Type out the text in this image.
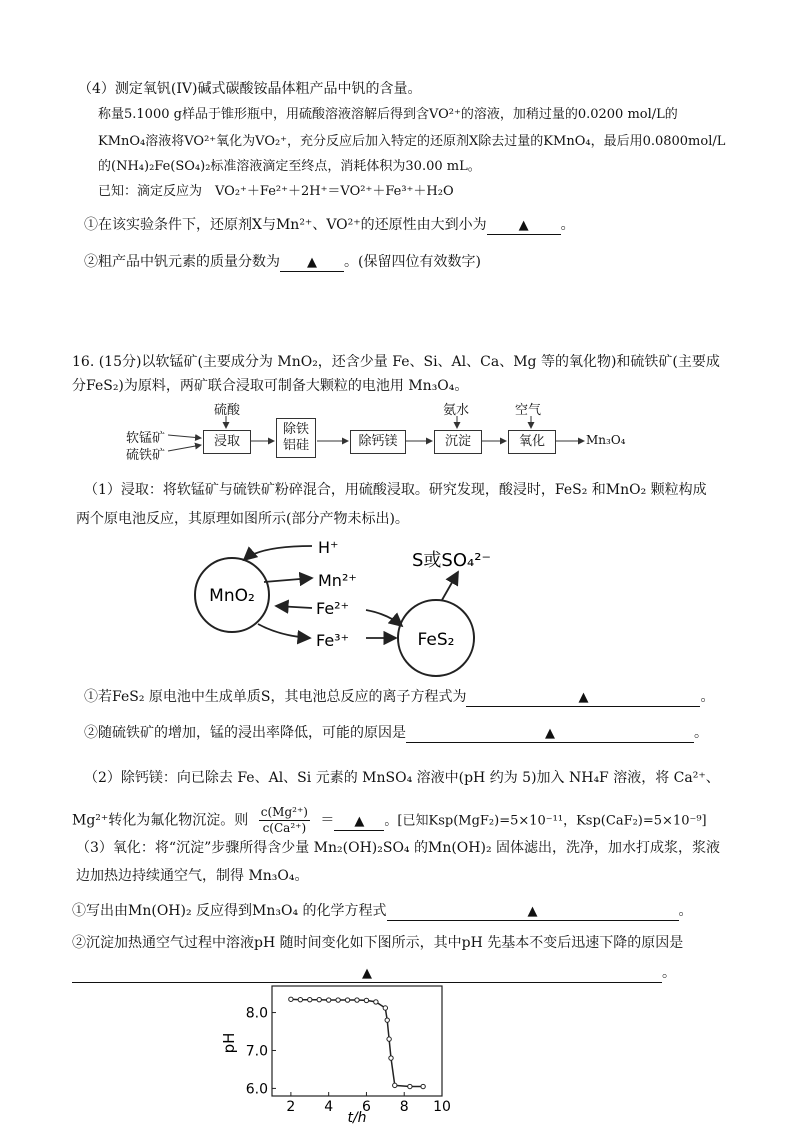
（4）测定氧钒(IV)碱式碳酸铵晶体粗产品中钒的含量。
称量5.1000 g样品于锥形瓶中，用硫酸溶液溶解后得到含VO²⁺的溶液，加稍过量的0.0200 mol/L的
KMnO₄溶液将VO²⁺氧化为VO₂⁺，充分反应后加入特定的还原剂X除去过量的KMnO₄，最后用0.0800mol/L
的(NH₄)₂Fe(SO₄)₂标准溶液滴定至终点，消耗体积为30.00 mL。
已知：滴定反应为　VO₂⁺＋Fe²⁺＋2H⁺＝VO²⁺＋Fe³⁺＋H₂O
①在该实验条件下，还原剂X与Mn²⁺、VO²⁺的还原性由大到小为 ▲ 。
②粗产品中钒元素的质量分数为 ▲ 。(保留四位有效数字)
16. (15分)以软锰矿(主要成分为 MnO₂，还含少量 Fe、Si、Al、Ca、Mg 等的氧化物)和硫铁矿(主要成
分FeS₂)为原料，两矿联合浸取可制备大颗粒的电池用 Mn₃O₄。
软锰矿
硫铁矿
硫酸
浸取
除铁铝硅	除钙镁
氨水
沉淀
空气
氧化	Mn₃O₄
（1）浸取：将软锰矿与硫铁矿粉碎混合，用硫酸浸取。研究发现，酸浸时，FeS₂ 和MnO₂ 颗粒构成
两个原电池反应，其原理如图所示(部分产物未标出)。
MnO₂
FeS₂
H⁺
Mn²⁺
Fe²⁺
Fe³⁺
S或SO₄²⁻
①若FeS₂ 原电池中生成单质S，其电池总反应的离子方程式为	▲	。
②随硫铁矿的增加，锰的浸出率降低，可能的原因是	▲	。
（2）除钙镁：向已除去 Fe、Al、Si 元素的 MnSO₄ 溶液中(pH 约为 5)加入 NH₄F 溶液，将 Ca²⁺、
Mg²⁺转化为氟化物沉淀。则 $\frac{\text{c(Mg²⁺)}}{\text{c(Ca²⁺)}}$ ＝ ▲ 。[已知Ksp(MgF₂)=5×10⁻¹¹，Ksp(CaF₂)=5×10⁻⁹]
（3）氧化：将“沉淀”步骤所得含少量 Mn₂(OH)₂SO₄ 的Mn(OH)₂ 固体滤出，洗净，加水打成浆，浆液
边加热边持续通空气，制得 Mn₃O₄。
①写出由Mn(OH)₂ 反应得到Mn₃O₄ 的化学方程式	▲	。
②沉淀加热通空气过程中溶液pH 随时间变化如下图所示，其中pH 先基本不变后迅速下降的原因是
▲	。
6.0
7.0
8.0
2 4 6 8 10
pH
t/h
